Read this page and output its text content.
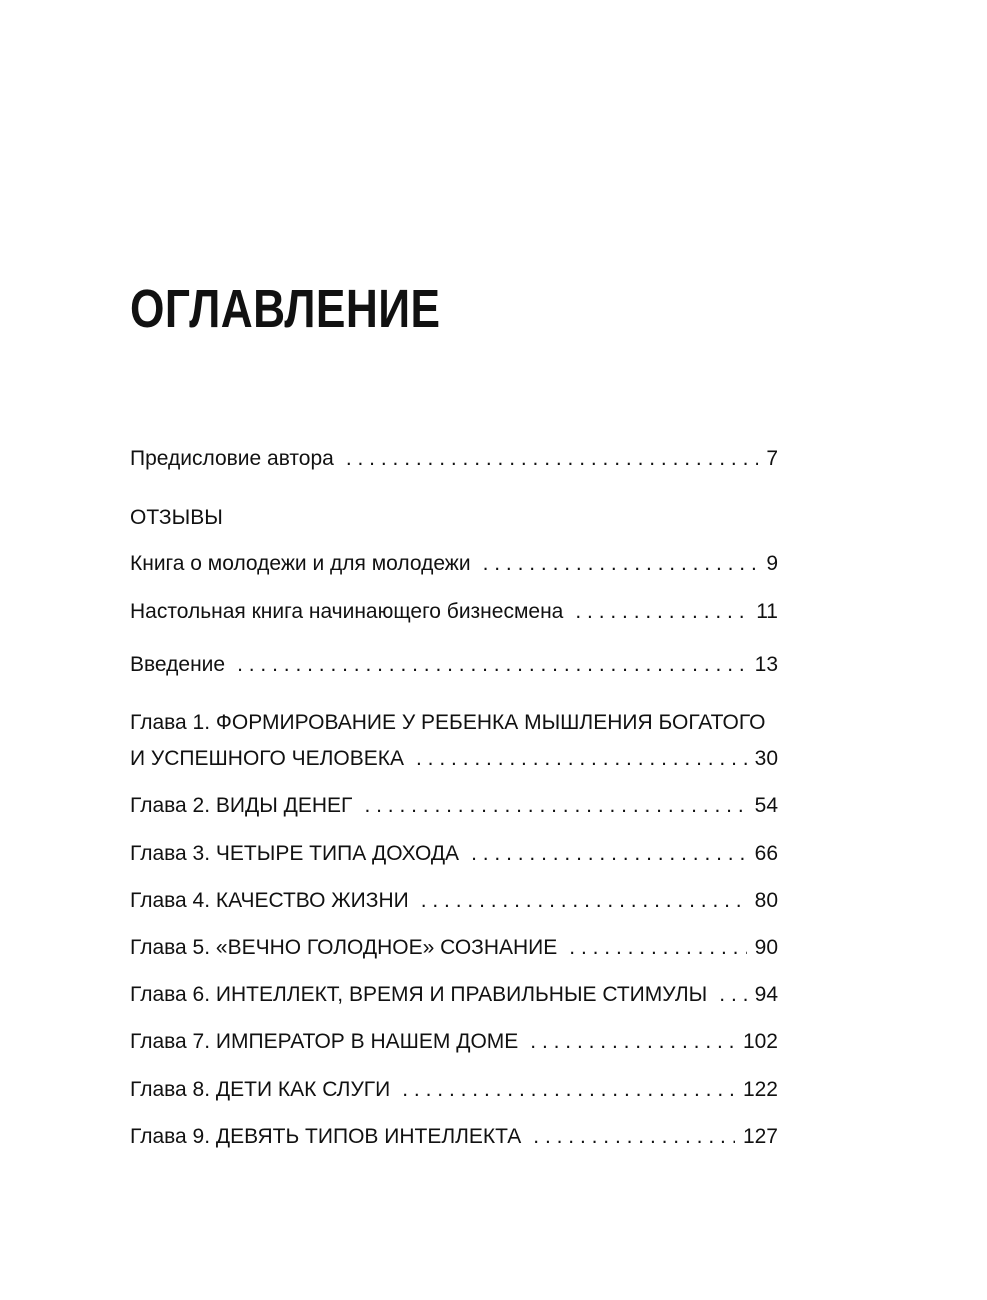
ОГЛАВЛЕНИЕ
Предисловие автора . . .	7
ОТЗЫВЫ
Книга о молодежи и для молодежи . . .	9
Настольная книга начинающего бизнесмена . . .	11
Введение . . .	13
Глава 1. ФОРМИРОВАНИЕ У РЕБЕНКА МЫШЛЕНИЯ БОГАТОГО
И УСПЕШНОГО ЧЕЛОВЕКА . . .	30
Глава 2. ВИДЫ ДЕНЕГ . . .	54
Глава 3. ЧЕТЫРЕ ТИПА ДОХОДА . . .	66
Глава 4. КАЧЕСТВО ЖИЗНИ . . .	80
Глава 5. «ВЕЧНО ГОЛОДНОЕ» СОЗНАНИЕ . . .	90
Глава 6. ИНТЕЛЛЕКТ, ВРЕМЯ И ПРАВИЛЬНЫЕ СТИМУЛЫ . . . 94
Глава 7. ИМПЕРАТОР В НАШЕМ ДОМЕ . . .	102
Глава 8. ДЕТИ КАК СЛУГИ . . .	122
Глава 9. ДЕВЯТЬ ТИПОВ ИНТЕЛЛЕКТА . . .	127
